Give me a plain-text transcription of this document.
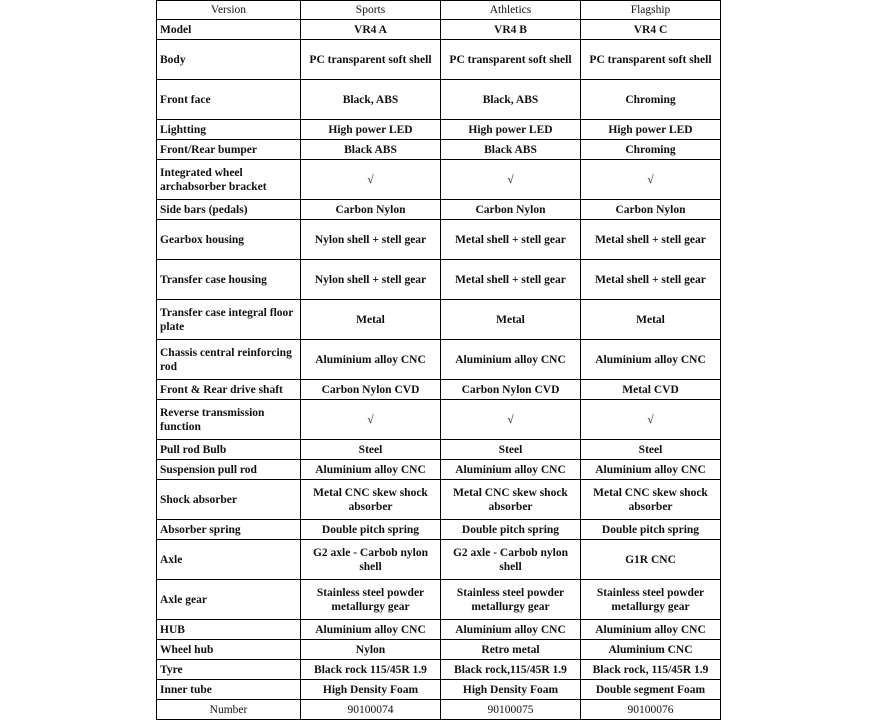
Version	Sports	Athletics	Flagship
Model	VR4 A	VR4 B	VR4 C
Body	PC transparent soft shell	PC transparent soft shell	PC transparent soft shell
Front face	Black, ABS	Black, ABS	Chroming
Lightting	High power LED	High power LED	High power LED
Front/Rear bumper	Black ABS	Black ABS	Chroming
Integrated wheel archabsorber bracket	√	√	√
Side bars (pedals)	Carbon Nylon	Carbon Nylon	Carbon Nylon
Gearbox housing	Nylon shell + stell gear	Metal shell + stell gear	Metal shell + stell gear
Transfer case housing	Nylon shell + stell gear	Metal shell + stell gear	Metal shell + stell gear
Transfer case integral floor plate	Metal	Metal	Metal
Chassis central reinforcing rod	Aluminium alloy CNC	Aluminium alloy CNC	Aluminium alloy CNC
Front & Rear drive shaft	Carbon Nylon CVD	Carbon Nylon CVD	Metal CVD
Reverse transmission function	√	√	√
Pull rod Bulb	Steel	Steel	Steel
Suspension pull rod	Aluminium alloy CNC	Aluminium alloy CNC	Aluminium alloy CNC
Shock absorber	Metal CNC skew shock absorber	Metal CNC skew shock absorber	Metal CNC skew shock absorber
Absorber spring	Double pitch spring	Double pitch spring	Double pitch spring
Axle	G2 axle - Carbob nylon shell	G2 axle - Carbob nylon shell	G1R CNC
Axle gear	Stainless steel powder metallurgy gear	Stainless steel powder metallurgy gear	Stainless steel powder metallurgy gear
HUB	Aluminium alloy CNC	Aluminium alloy CNC	Aluminium alloy CNC
Wheel hub	Nylon	Retro metal	Aluminium CNC
Tyre	Black rock 115/45R 1.9	Black rock,115/45R 1.9	Black rock, 115/45R 1.9
Inner tube	High Density Foam	High Density Foam	Double segment Foam
Number	90100074	90100075	90100076
